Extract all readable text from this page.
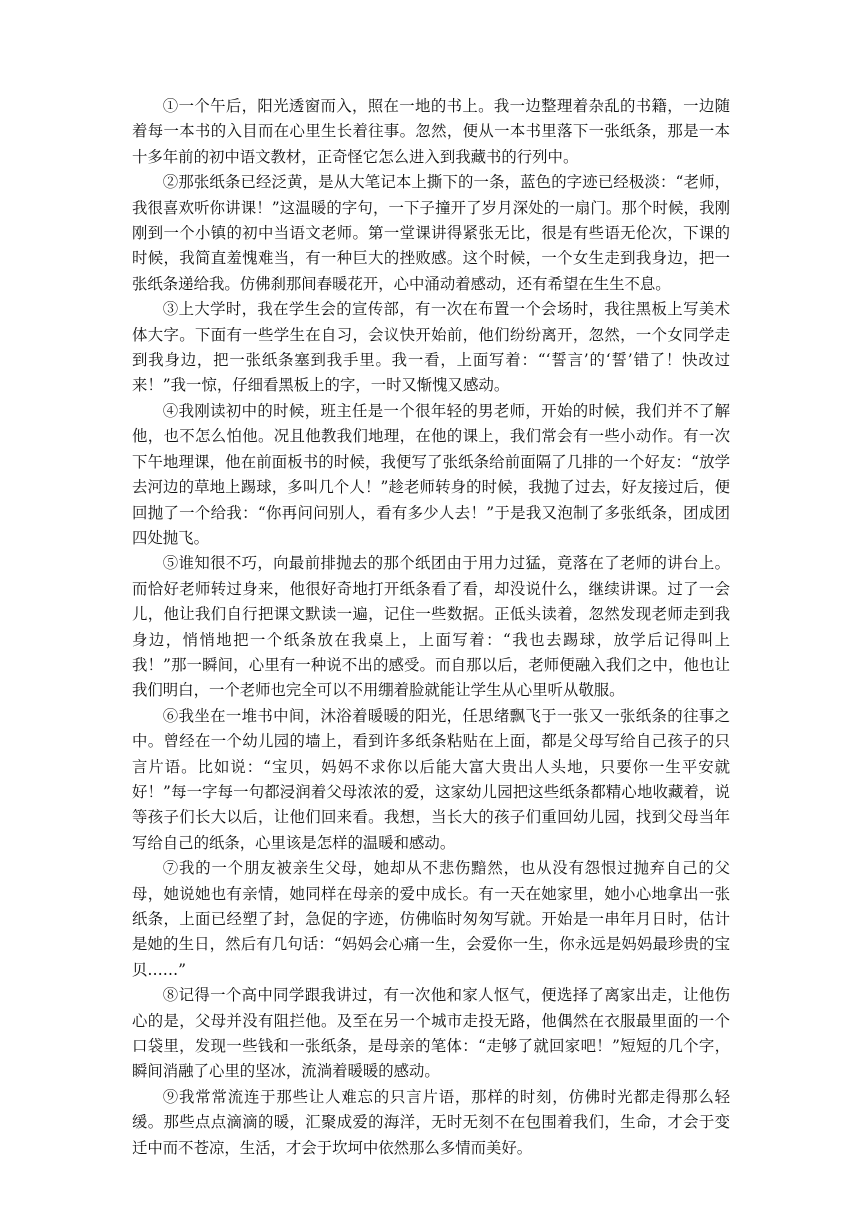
①一个午后，阳光透窗而入，照在一地的书上。我一边整理着杂乱的书籍，一边随着每一本书的入目而在心里生长着往事。忽然，便从一本书里落下一张纸条，那是一本十多年前的初中语文教材，正奇怪它怎么进入到我藏书的行列中。

②那张纸条已经泛黄，是从大笔记本上撕下的一条，蓝色的字迹已经极淡：“老师，我很喜欢听你讲课！”这温暖的字句，一下子撞开了岁月深处的一扇门。那个时候，我刚刚到一个小镇的初中当语文老师。第一堂课讲得紧张无比，很是有些语无伦次，下课的时候，我简直羞愧难当，有一种巨大的挫败感。这个时候，一个女生走到我身边，把一张纸条递给我。仿佛刹那间春暖花开，心中涌动着感动，还有希望在生生不息。

③上大学时，我在学生会的宣传部，有一次在布置一个会场时，我往黑板上写美术体大字。下面有一些学生在自习，会议快开始前，他们纷纷离开，忽然，一个女同学走到我身边，把一张纸条塞到我手里。我一看，上面写着：“‘誓言’的‘誓’错了！快改过来！”我一惊，仔细看黑板上的字，一时又惭愧又感动。

④我刚读初中的时候，班主任是一个很年轻的男老师，开始的时候，我们并不了解他，也不怎么怕他。况且他教我们地理，在他的课上，我们常会有一些小动作。有一次下午地理课，他在前面板书的时候，我便写了张纸条给前面隔了几排的一个好友：“放学去河边的草地上踢球，多叫几个人！”趁老师转身的时候，我抛了过去，好友接过后，便回抛了一个给我：“你再问问别人，看有多少人去！”于是我又泡制了多张纸条，团成团四处抛飞。

⑤谁知很不巧，向最前排抛去的那个纸团由于用力过猛，竟落在了老师的讲台上。而恰好老师转过身来，他很好奇地打开纸条看了看，却没说什么，继续讲课。过了一会儿，他让我们自行把课文默读一遍，记住一些数据。正低头读着，忽然发现老师走到我身边，悄悄地把一个纸条放在我桌上，上面写着：“我也去踢球，放学后记得叫上我！”那一瞬间，心里有一种说不出的感受。而自那以后，老师便融入我们之中，他也让我们明白，一个老师也完全可以不用绷着脸就能让学生从心里听从敬服。

⑥我坐在一堆书中间，沐浴着暖暖的阳光，任思绪飘飞于一张又一张纸条的往事之中。曾经在一个幼儿园的墙上，看到许多纸条粘贴在上面，都是父母写给自己孩子的只言片语。比如说：“宝贝，妈妈不求你以后能大富大贵出人头地，只要你一生平安就好！”每一字每一句都浸润着父母浓浓的爱，这家幼儿园把这些纸条都精心地收藏着，说等孩子们长大以后，让他们回来看。我想，当长大的孩子们重回幼儿园，找到父母当年写给自己的纸条，心里该是怎样的温暖和感动。

⑦我的一个朋友被亲生父母，她却从不悲伤黯然，也从没有怨恨过抛弃自己的父母，她说她也有亲情，她同样在母亲的爱中成长。有一天在她家里，她小心地拿出一张纸条，上面已经塑了封，急促的字迹，仿佛临时匆匆写就。开始是一串年月日时，估计是她的生日，然后有几句话：“妈妈会心痛一生，会爱你一生，你永远是妈妈最珍贵的宝贝……”

⑧记得一个高中同学跟我讲过，有一次他和家人怄气，便选择了离家出走，让他伤心的是，父母并没有阻拦他。及至在另一个城市走投无路，他偶然在衣服最里面的一个口袋里，发现一些钱和一张纸条，是母亲的笔体：“走够了就回家吧！”短短的几个字，瞬间消融了心里的坚冰，流淌着暖暖的感动。

⑨我常常流连于那些让人难忘的只言片语，那样的时刻，仿佛时光都走得那么轻缓。那些点点滴滴的暖，汇聚成爱的海洋，无时无刻不在包围着我们，生命，才会于变迁中而不苍凉，生活，才会于坎坷中依然那么多情而美好。
